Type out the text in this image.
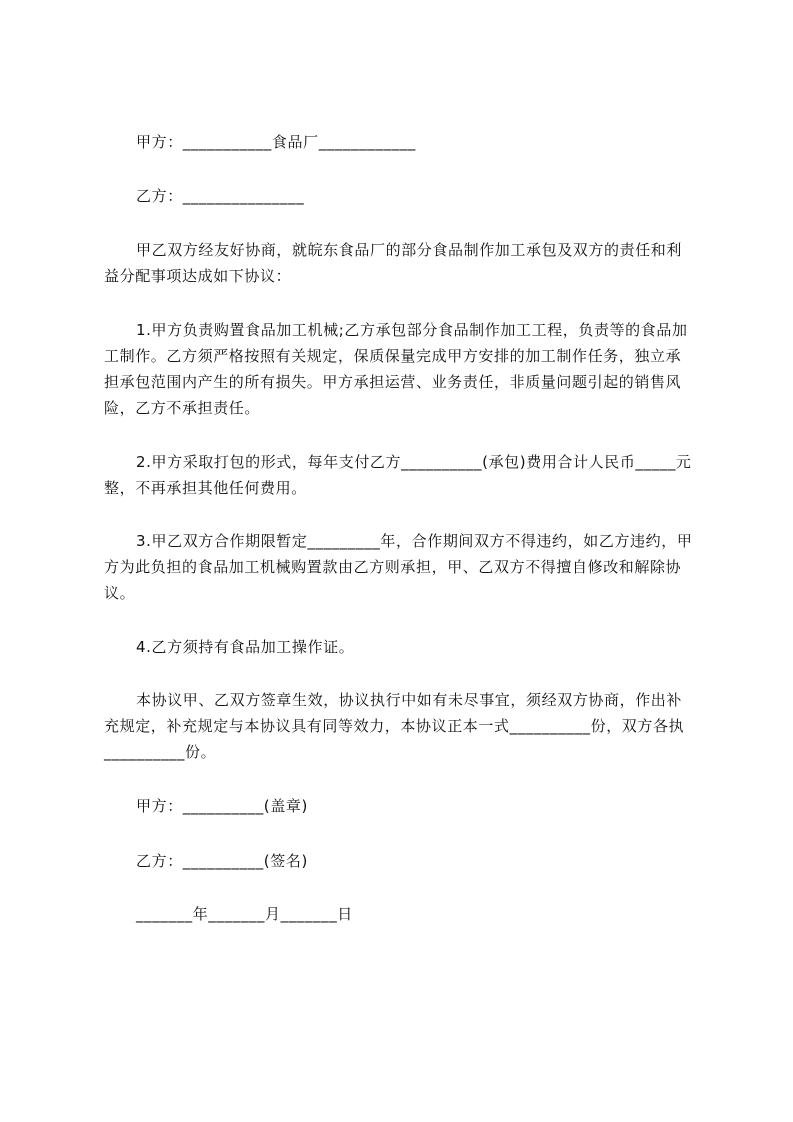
甲方：___________食品厂____________
乙方：_______________
甲乙双方经友好协商，就皖东食品厂的部分食品制作加工承包及双方的责任和利
益分配事项达成如下协议：
1.甲方负责购置食品加工机械;乙方承包部分食品制作加工工程，负责等的食品加
工制作。乙方须严格按照有关规定，保质保量完成甲方安排的加工制作任务，独立承
担承包范围内产生的所有损失。甲方承担运营、业务责任，非质量问题引起的销售风
险，乙方不承担责任。
2.甲方采取打包的形式，每年支付乙方__________(承包)费用合计人民币_____元
整，不再承担其他任何费用。
3.甲乙双方合作期限暂定_________年，合作期间双方不得违约，如乙方违约，甲
方为此负担的食品加工机械购置款由乙方则承担，甲、乙双方不得擅自修改和解除协
议。
4.乙方须持有食品加工操作证。
本协议甲、乙双方签章生效，协议执行中如有未尽事宜，须经双方协商，作出补
充规定，补充规定与本协议具有同等效力，本协议正本一式__________份，双方各执
__________份。
甲方：__________(盖章)
乙方：__________(签名)
_______年_______月_______日
